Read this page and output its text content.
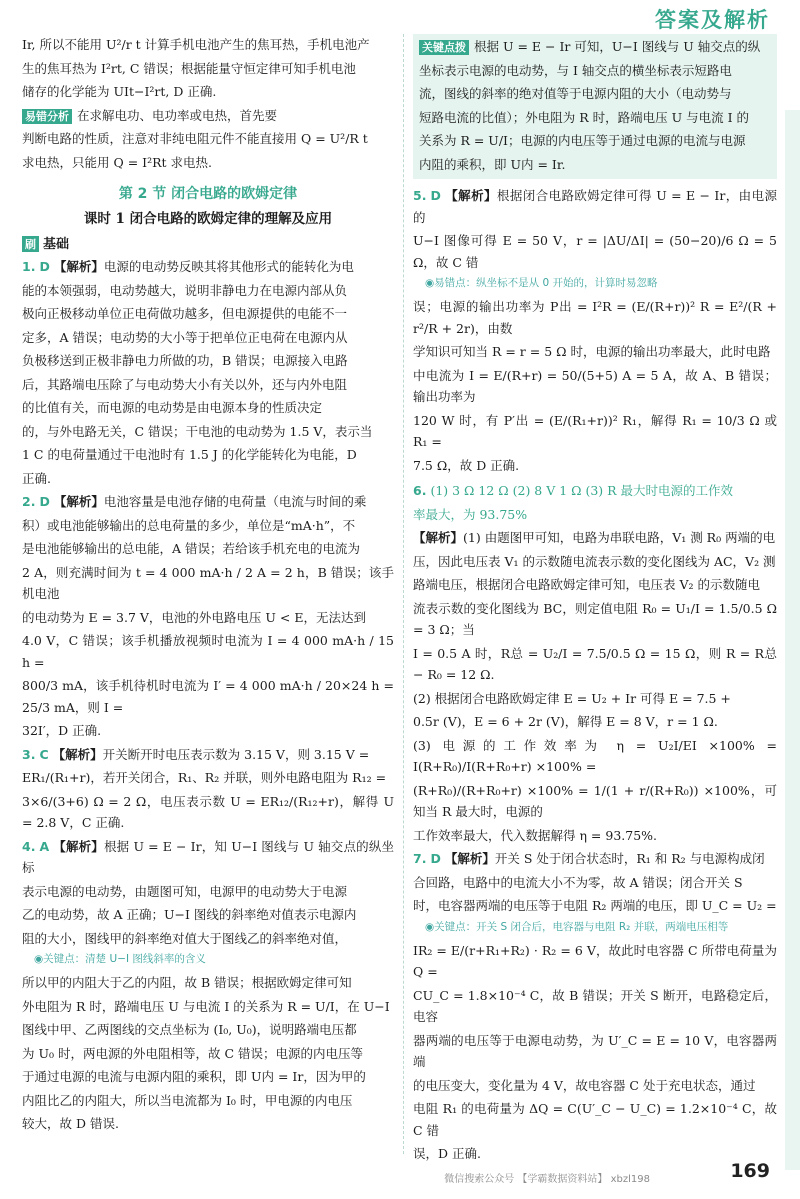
答案及解析

Ir, 所以不能用 U²/r t 计算手机电池产生的焦耳热，手机电池产

生的焦耳热为 I²rt, C 错误；根据能量守恒定律可知手机电池

储存的化学能为 UIt−I²rt, D 正确.

易错分析 在求解电功、电功率或电热，首先要

判断电路的性质，注意对非纯电阻元件不能直接用 Q = U²/R t

求电热，只能用 Q = I²Rt 求电热.

第 2 节 闭合电路的欧姆定律
课时 1 闭合电路的欧姆定律的理解及应用
刷 基础

1. D 【解析】电源的电动势反映其将其他形式的能转化为电

能的本领强弱，电动势越大，说明非静电力在电源内部从负

极向正极移动单位正电荷做功越多，但电源提供的电能不一

定多，A 错误；电动势的大小等于把单位正电荷在电源内从

负极移送到正极非静电力所做的功，B 错误；电源接入电路

后，其路端电压除了与电动势大小有关以外，还与内外电阻

的比值有关，而电源的电动势是由电源本身的性质决定

的，与外电路无关，C 错误；干电池的电动势为 1.5 V，表示当

1 C 的电荷量通过干电池时有 1.5 J 的化学能转化为电能，D

正确.

2. D 【解析】电池容量是电池存储的电荷量（电流与时间的乘

积）或电池能够输出的总电荷量的多少，单位是“mA·h”，不

是电池能够输出的总电能，A 错误；若给该手机充电的电流为

2 A，则充满时间为 t = 4 000 mA·h / 2 A = 2 h，B 错误；该手机电池

的电动势为 E = 3.7 V，电池的外电路电压 U < E，无法达到

4.0 V，C 错误；该手机播放视频时电流为 I = 4 000 mA·h / 15 h =

800/3 mA，该手机待机时电流为 I′ = 4 000 mA·h / 20×24 h = 25/3 mA，则 I =

32I′，D 正确.

3. C 【解析】开关断开时电压表示数为 3.15 V，则 3.15 V =

ER₁/(R₁+r)，若开关闭合，R₁、R₂ 并联，则外电路电阻为 R₁₂ =

3×6/(3+6) Ω = 2 Ω，电压表示数 U = ER₁₂/(R₁₂+r)，解得 U = 2.8 V，C 正确.

4. A 【解析】根据 U = E − Ir，知 U−I 图线与 U 轴交点的纵坐标

表示电源的电动势，由题图可知，电源甲的电动势大于电源

乙的电动势，故 A 正确；U−I 图线的斜率绝对值表示电源内

阻的大小，图线甲的斜率绝对值大于图线乙的斜率绝对值，

◉ 关键点：清楚 U−I 图线斜率的含义

所以甲的内阻大于乙的内阻，故 B 错误；根据欧姆定律可知

外电阻为 R 时，路端电压 U 与电流 I 的关系为 R = U/I，在 U−I

图线中甲、乙两图线的交点坐标为 (I₀, U₀)，说明路端电压都

为 U₀ 时，两电源的外电阻相等，故 C 错误；电源的内电压等

于通过电源的电流与电源内阻的乘积，即 U内 = Ir，因为甲的

内阻比乙的内阻大，所以当电流都为 I₀ 时，甲电源的内电压

较大，故 D 错误.

关键点拨 根据 U = E − Ir 可知，U−I 图线与 U 轴交点的纵

坐标表示电源的电动势，与 I 轴交点的横坐标表示短路电

流，图线的斜率的绝对值等于电源内阻的大小（电动势与

短路电流的比值）；外电阻为 R 时，路端电压 U 与电流 I 的

关系为 R = U/I；电源的内电压等于通过电源的电流与电源

内阻的乘积，即 U内 = Ir.

5. D 【解析】根据闭合电路欧姆定律可得 U = E − Ir，由电源的

U−I 图像可得 E = 50 V，r = |ΔU/ΔI| = (50−20)/6 Ω = 5 Ω，故 C 错

◉ 易错点：纵坐标不是从 0 开始的，计算时易忽略

误；电源的输出功率为 P出 = I²R = (E/(R+r))² R = E²/(R + r²/R + 2r)，由数

学知识可知当 R = r = 5 Ω 时，电源的输出功率最大，此时电路

中电流为 I = E/(R+r) = 50/(5+5) A = 5 A，故 A、B 错误；输出功率为

120 W 时，有 P′出 = (E/(R₁+r))² R₁，解得 R₁ = 10/3 Ω 或 R₁ =

7.5 Ω，故 D 正确.

6. (1) 3 Ω 12 Ω (2) 8 V 1 Ω (3) R 最大时电源的工作效

率最大，为 93.75%

【解析】(1) 由题图甲可知，电路为串联电路，V₁ 测 R₀ 两端的电

压，因此电压表 V₁ 的示数随电流表示数的变化图线为 AC，V₂ 测

路端电压，根据闭合电路欧姆定律可知，电压表 V₂ 的示数随电

流表示数的变化图线为 BC，则定值电阻 R₀ = U₁/I = 1.5/0.5 Ω = 3 Ω；当

I = 0.5 A 时，R总 = U₂/I = 7.5/0.5 Ω = 15 Ω，则 R = R总 − R₀ = 12 Ω.

(2) 根据闭合电路欧姆定律 E = U₂ + Ir 可得 E = 7.5 +

0.5r (V)，E = 6 + 2r (V)，解得 E = 8 V，r = 1 Ω.

(3) 电源的工作效率为 η = U₂I/EI ×100% = I(R+R₀)/I(R+R₀+r) ×100% =

(R+R₀)/(R+R₀+r) ×100% = 1/(1 + r/(R+R₀)) ×100%，可知当 R 最大时，电源的

工作效率最大，代入数据解得 η = 93.75%.

7. D 【解析】开关 S 处于闭合状态时，R₁ 和 R₂ 与电源构成闭

合回路，电路中的电流大小不为零，故 A 错误；闭合开关 S

时，电容器两端的电压等于电阻 R₂ 两端的电压，即 U_C = U₂ =

◉ 关键点：开关 S 闭合后，电容器与电阻 R₂ 并联，两端电压相等

IR₂ = E/(r+R₁+R₂) · R₂ = 6 V，故此时电容器 C 所带电荷量为 Q =

CU_C = 1.8×10⁻⁴ C，故 B 错误；开关 S 断开，电路稳定后，电容

器两端的电压等于电源电动势，为 U′_C = E = 10 V，电容器两端

的电压变大，变化量为 4 V，故电容器 C 处于充电状态，通过

电阻 R₁ 的电荷量为 ΔQ = C(U′_C − U_C) = 1.2×10⁻⁴ C，故 C 错

误，D 正确.

微信搜索公众号 【学霸数据资料站】 xbzl198	169
